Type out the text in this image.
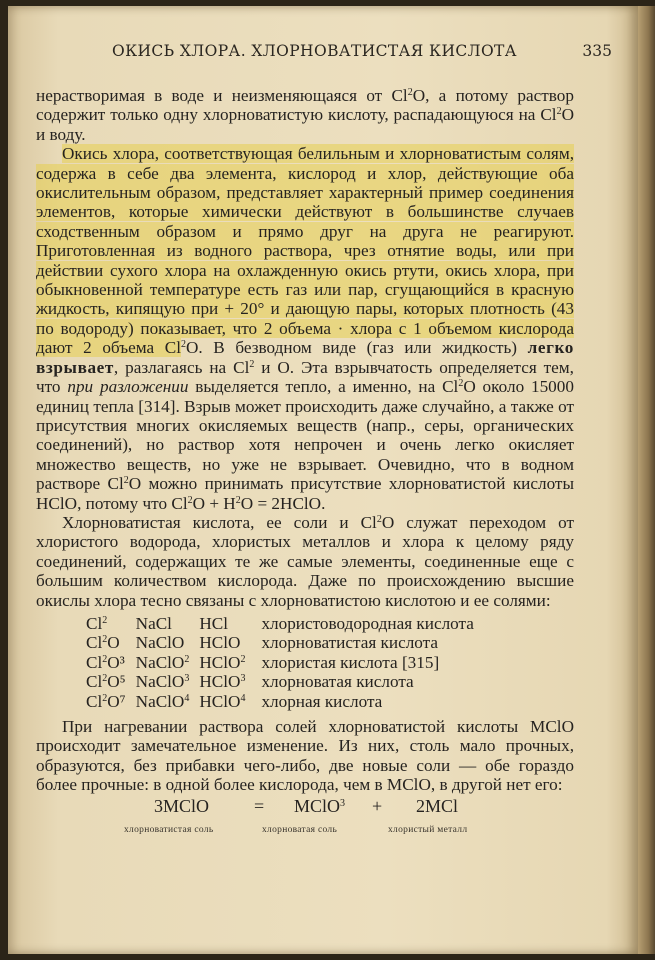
ОКИСЬ ХЛОРА. ХЛОРНОВАТИСТАЯ КИСЛОТА	335

нерастворимая в воде и неизменяющаяся от Cl$^2$O, а потому раствор содержит только одну хлорноватистую кислоту, распадающуюся на Cl$^2$O и воду.

Окись хлора, соответствующая белильным и хлорноватистым солям, содержа в себе два элемента, кислород и хлор, действующие оба окислительным образом, представляет характерный пример соединения элементов, которые химически действуют в большинстве случаев сходственным образом и прямо друг на друга не реагируют. Приготовленная из водного раствора, чрез отнятие воды, или при действии сухого хлора на охлажденную окись ртути, окись хлора, при обыкновенной температуре есть газ или пар, сгущающийся в красную жидкость, кипящую при + 20° и дающую пары, которых плотность (43 по водороду) показывает, что 2 объема · хлора с 1 объемом кислорода дают 2 объема Cl$^2$O. В безводном виде (газ или жидкость) легко взрывает, разлагаясь на Cl$^2$ и O. Эта взрывчатость определяется тем, что при разложении выделяется тепло, а именно, на Cl$^2$O около 15000 единиц тепла [314]. Взрыв может происходить даже случайно, а также от присутствия многих окисляемых веществ (напр., серы, органических соединений), но раствор хотя непрочен и очень легко окисляет множество веществ, но уже не взрывает. Очевидно, что в водном растворе Cl$^2$O можно принимать присутствие хлорноватистой кислоты HClO, потому что $Cl^2O + H^2O$ = 2HClO.

Хлорноватистая кислота, ее соли и Cl$^2$O служат переходом от хлористого водорода, хлористых металлов и хлора к целому ряду соединений, содержащих те же самые элементы, соединенные еще с большим количеством кислорода. Даже по происхождению высшие окислы хлора тесно связаны с хлорноватистою кислотою и ее солями:

Cl$^2$	NaCl	HCl	хлористоводородная кислота
Cl$^2$O	NaClO	HClO	хлорноватистая кислота
Cl$^2$O³	NaClO$^2$	HClO$^2$	хлористая кислота [315]
Cl$^2$O⁵	NaClO$^3$	HClO$^3$	хлорноватая кислота
Cl$^2$O⁷	NaClO$^4$	HClO$^4$	хлорная кислота

При нагревании раствора солей хлорноватистой кислоты MClO происходит замечательное изменение. Из них, столь мало прочных, образуются, без прибавки чего-либо, две новые соли — обе гораздо более прочные: в одной более кислорода, чем в MClO, в другой нет его:

3MClO = MClO$^3$ + 2MCl
хлорноватистая соль	хлорноватая соль	хлористый металл
